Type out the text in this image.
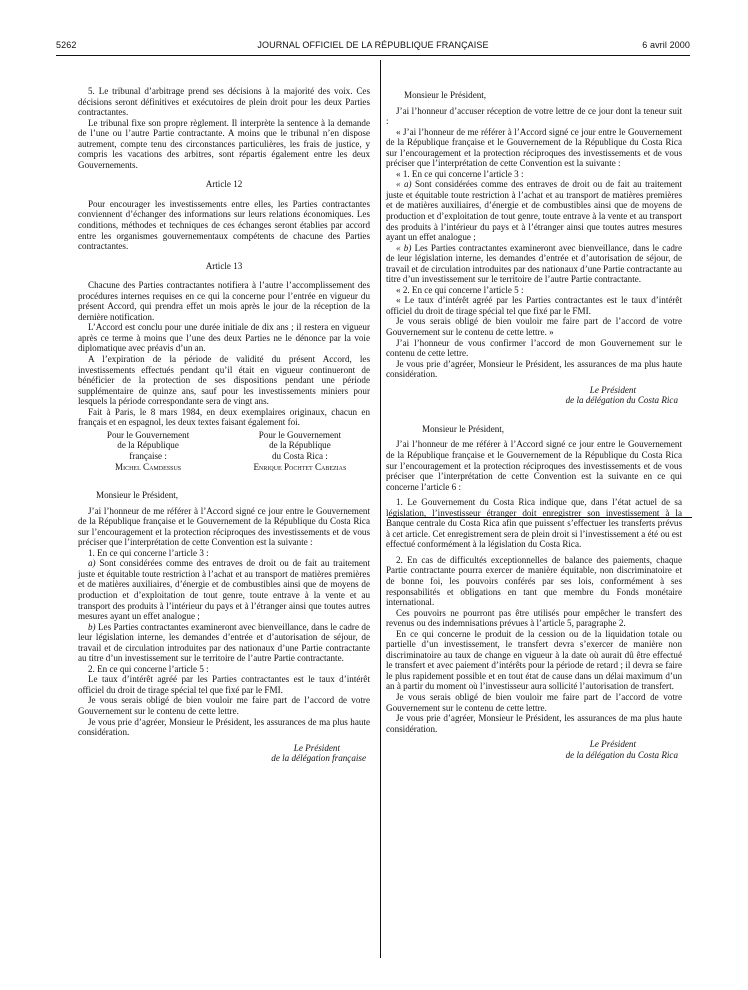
5262	JOURNAL OFFICIEL DE LA RÉPUBLIQUE FRANÇAISE	6 avril 2000

5. Le tribunal d’arbitrage prend ses décisions à la majorité des voix. Ces décisions seront définitives et exécutoires de plein droit pour les deux Parties contractantes.

Le tribunal fixe son propre règlement. Il interprète la sentence à la demande de l’une ou l’autre Partie contractante. A moins que le tribunal n’en dispose autrement, compte tenu des circonstances particulières, les frais de justice, y compris les vacations des arbitres, sont répartis également entre les deux Gouvernements.

Article 12

Pour encourager les investissements entre elles, les Parties contractantes conviennent d’échanger des informations sur leurs relations économiques. Les conditions, méthodes et techniques de ces échanges seront établies par accord entre les organismes gouvernementaux compétents de chacune des Parties contractantes.

Article 13

Chacune des Parties contractantes notifiera à l’autre l’accomplissement des procédures internes requises en ce qui la concerne pour l’entrée en vigueur du présent Accord, qui prendra effet un mois après le jour de la réception de la dernière notification.

L’Accord est conclu pour une durée initiale de dix ans ; il restera en vigueur après ce terme à moins que l’une des deux Parties ne le dénonce par la voie diplomatique avec préavis d’un an.

A l’expiration de la période de validité du présent Accord, les investissements effectués pendant qu’il était en vigueur continueront de bénéficier de la protection de ses dispositions pendant une période supplémentaire de quinze ans, sauf pour les investissements miniers pour lesquels la période correspondante sera de vingt ans.

Fait à Paris, le 8 mars 1984, en deux exemplaires originaux, chacun en français et en espagnol, les deux textes faisant également foi.

Pour le Gouvernement
de la République
française :
Michel Camdessus
Pour le Gouvernement
de la République
du Costa Rica :
Enrique Pochtet Cabezias

Monsieur le Président,

J’ai l’honneur de me référer à l’Accord signé ce jour entre le Gouvernement de la République française et le Gouvernement de la République du Costa Rica sur l’encouragement et la protection réciproques des investissements et de vous préciser que l’interprétation de cette Convention est la suivante :

1. En ce qui concerne l’article 3 :

a) Sont considérées comme des entraves de droit ou de fait au traitement juste et équitable toute restriction à l’achat et au transport de matières premières et de matières auxiliaires, d’énergie et de combustibles ainsi que de moyens de production et d’exploitation de tout genre, toute entrave à la vente et au transport des produits à l’intérieur du pays et à l’étranger ainsi que toutes autres mesures ayant un effet analogue ;

b) Les Parties contractantes examineront avec bienveillance, dans le cadre de leur législation interne, les demandes d’entrée et d’autorisation de séjour, de travail et de circulation introduites par des nationaux d’une Partie contractante au titre d’un investissement sur le territoire de l’autre Partie contractante.

2. En ce qui concerne l’article 5 :

Le taux d’intérêt agréé par les Parties contractantes est le taux d’intérêt officiel du droit de tirage spécial tel que fixé par le FMI.

Je vous serais obligé de bien vouloir me faire part de l’accord de votre Gouvernement sur le contenu de cette lettre.

Je vous prie d’agréer, Monsieur le Président, les assurances de ma plus haute considération.

Le Président

de la délégation française

Monsieur le Président,

J’ai l’honneur d’accuser réception de votre lettre de ce jour dont la teneur suit :

« J’ai l’honneur de me référer à l’Accord signé ce jour entre le Gouvernement de la République française et le Gouvernement de la République du Costa Rica sur l’encouragement et la protection réciproques des investissements et de vous préciser que l’interprétation de cette Convention est la suivante :

« 1. En ce qui concerne l’article 3 :

« a) Sont considérées comme des entraves de droit ou de fait au traitement juste et équitable toute restriction à l’achat et au transport de matières premières et de matières auxiliaires, d’énergie et de combustibles ainsi que de moyens de production et d’exploitation de tout genre, toute entrave à la vente et au transport des produits à l’intérieur du pays et à l’étranger ainsi que toutes autres mesures ayant un effet analogue ;

« b) Les Parties contractantes examineront avec bienveillance, dans le cadre de leur législation interne, les demandes d’entrée et d’autorisation de séjour, de travail et de circulation introduites par des nationaux d’une Partie contractante au titre d’un investissement sur le territoire de l’autre Partie contractante.

« 2. En ce qui concerne l’article 5 :

« Le taux d’intérêt agréé par les Parties contractantes est le taux d’intérêt officiel du droit de tirage spécial tel que fixé par le FMI.

Je vous serais obligé de bien vouloir me faire part de l’accord de votre Gouvernement sur le contenu de cette lettre. »

J’ai l’honneur de vous confirmer l’accord de mon Gouvernement sur le contenu de cette lettre.

Je vous prie d’agréer, Monsieur le Président, les assurances de ma plus haute considération.

Le Président

de la délégation du Costa Rica

Monsieur le Président,

J’ai l’honneur de me référer à l’Accord signé ce jour entre le Gouvernement de la République française et le Gouvernement de la République du Costa Rica sur l’encouragement et la protection réciproques des investissements et de vous préciser que l’interprétation de cette Convention est la suivante en ce qui concerne l’article 6 :

1. Le Gouvernement du Costa Rica indique que, dans l’état actuel de sa législation, l’investisseur étranger doit enregistrer son investissement à la Banque centrale du Costa Rica afin que puissent s’effectuer les transferts prévus à cet article. Cet enregistrement sera de plein droit si l’investissement a été ou est effectué conformément à la législation du Costa Rica.

2. En cas de difficultés exceptionnelles de balance des paiements, chaque Partie contractante pourra exercer de manière équitable, non discriminatoire et de bonne foi, les pouvoirs conférés par ses lois, conformément à ses responsabilités et obligations en tant que membre du Fonds monétaire international.

Ces pouvoirs ne pourront pas être utilisés pour empêcher le transfert des revenus ou des indemnisations prévues à l’article 5, paragraphe 2.

En ce qui concerne le produit de la cession ou de la liquidation totale ou partielle d’un investissement, le transfert devra s’exercer de manière non discriminatoire au taux de change en vigueur à la date où aurait dû être effectué le transfert et avec paiement d’intérêts pour la période de retard ; il devra se faire le plus rapidement possible et en tout état de cause dans un délai maximum d’un an à partir du moment où l’investisseur aura sollicité l’autorisation de transfert.

Je vous serais obligé de bien vouloir me faire part de l’accord de votre Gouvernement sur le contenu de cette lettre.

Je vous prie d’agréer, Monsieur le Président, les assurances de ma plus haute considération.

Le Président

de la délégation du Costa Rica
